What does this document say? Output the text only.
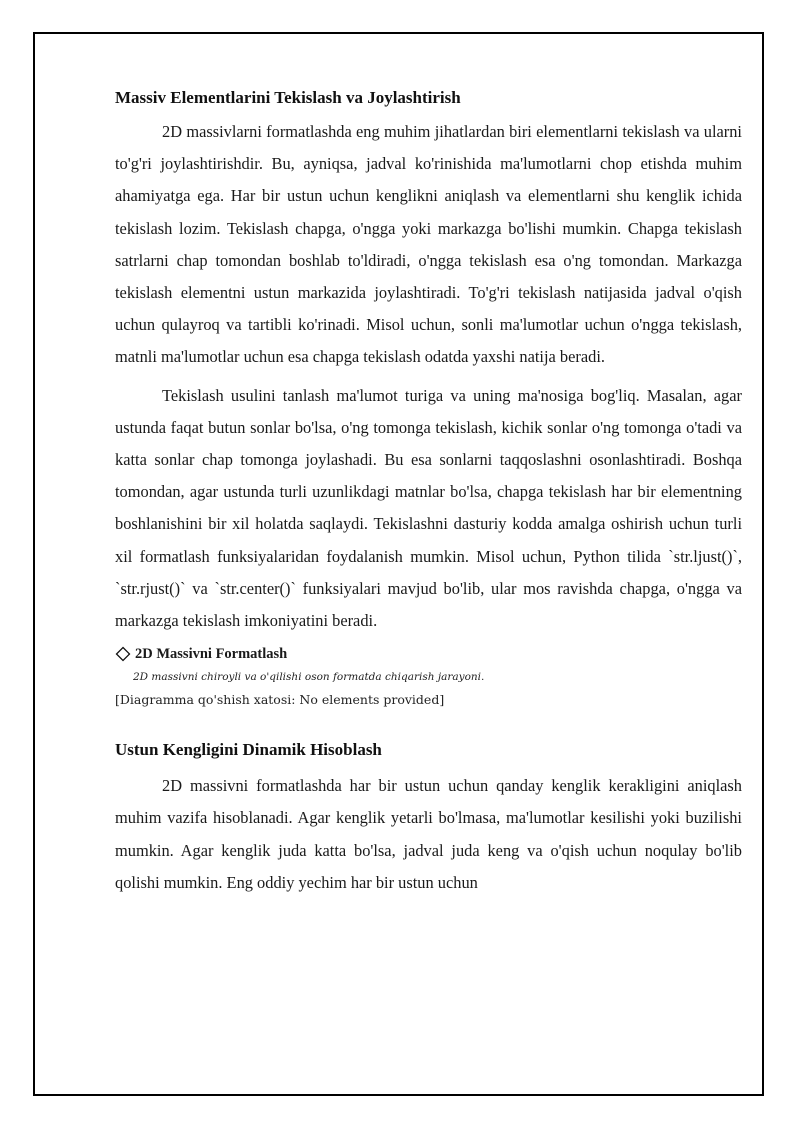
Massiv Elementlarini Tekislash va Joylashtirish

2D massivlarni formatlashda eng muhim jihatlardan biri elementlarni tekislash va ularni to'g'ri joylashtirishdir. Bu, ayniqsa, jadval ko'rinishida ma'lumotlarni chop etishda muhim ahamiyatga ega. Har bir ustun uchun kenglikni aniqlash va elementlarni shu kenglik ichida tekislash lozim. Tekislash chapga, o'ngga yoki markazga bo'lishi mumkin. Chapga tekislash satrlarni chap tomondan boshlab to'ldiradi, o'ngga tekislash esa o'ng tomondan. Markazga tekislash elementni ustun markazida joylashtiradi. To'g'ri tekislash natijasida jadval o'qish uchun qulayroq va tartibli ko'rinadi. Misol uchun, sonli ma'lumotlar uchun o'ngga tekislash, matnli ma'lumotlar uchun esa chapga tekislash odatda yaxshi natija beradi.

Tekislash usulini tanlash ma'lumot turiga va uning ma'nosiga bog'liq. Masalan, agar ustunda faqat butun sonlar bo'lsa, o'ng tomonga tekislash, kichik sonlar o'ng tomonga o'tadi va katta sonlar chap tomonga joylashadi. Bu esa sonlarni taqqoslashni osonlashtiradi. Boshqa tomondan, agar ustunda turli uzunlikdagi matnlar bo'lsa, chapga tekislash har bir elementning boshlanishini bir xil holatda saqlaydi. Tekislashni dasturiy kodda amalga oshirish uchun turli xil formatlash funksiyalaridan foydalanish mumkin. Misol uchun, Python tilida `str.ljust()`, `str.rjust()` va `str.center()` funksiyalari mavjud bo'lib, ular mos ravishda chapga, o'ngga va markazga tekislash imkoniyatini beradi.

2D Massivni Formatlash
2D massivni chiroyli va o'qilishi oson formatda chiqarish jarayoni.
[Diagramma qo'shish xatosi: No elements provided]
Ustun Kengligini Dinamik Hisoblash

2D massivni formatlashda har bir ustun uchun qanday kenglik kerakligini aniqlash muhim vazifa hisoblanadi. Agar kenglik yetarli bo'lmasa, ma'lumotlar kesilishi yoki buzilishi mumkin. Agar kenglik juda katta bo'lsa, jadval juda keng va o'qish uchun noqulay bo'lib qolishi mumkin. Eng oddiy yechim har bir ustun uchun
